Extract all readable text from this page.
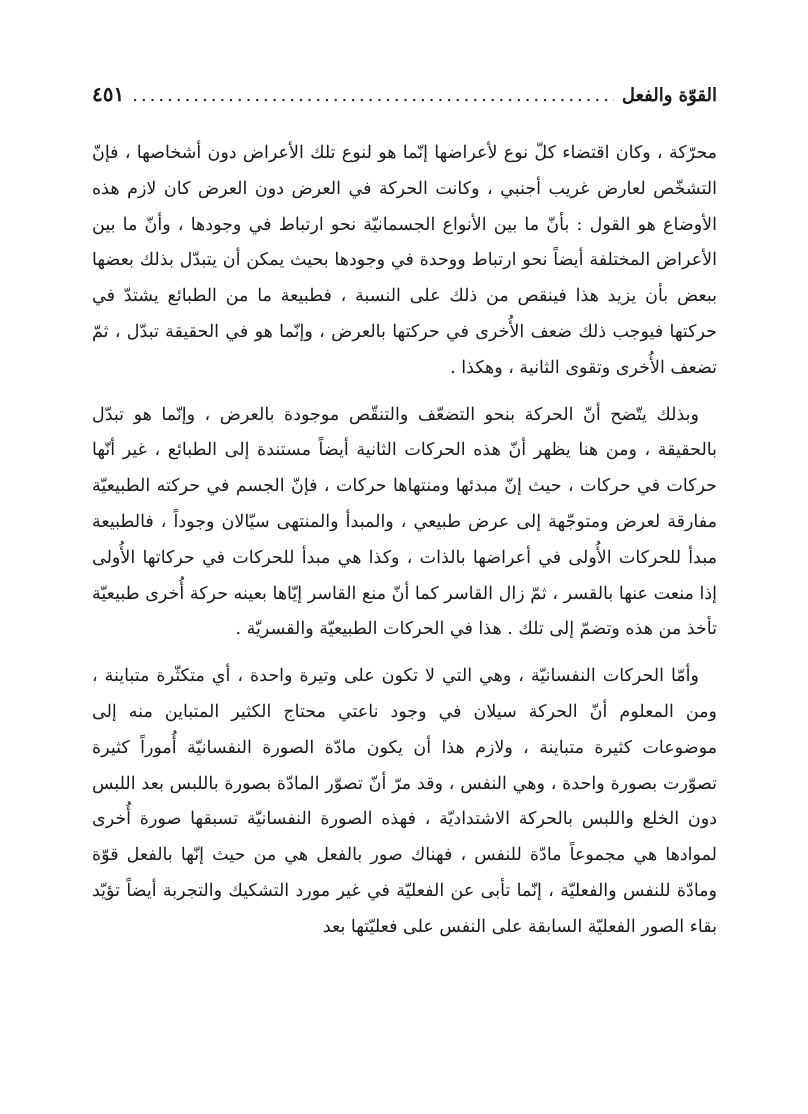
القوّة والفعل
.....
٤٥١

محرّكة ، وكان اقتضاء كلّ نوع لأعراضها إنّما هو لنوع تلك الأعراض دون أشخاصها ، فإنّ التشخّص لعارض غريب أجنبي ، وكانت الحركة في العرض دون العرض كان لازم هذه الأوضاع هو القول : بأنّ ما بين الأنواع الجسمانيّة نحو ارتباط في وجودها ، وأنّ ما بين الأعراض المختلفة أيضاً نحو ارتباط ووحدة في وجودها بحيث يمكن أن يتبدّل بذلك بعضها ببعض بأن يزيد هذا فينقص من ذلك على النسبة ، فطبيعة ما من الطبائع يشتدّ في حركتها فيوجب ذلك ضعف الأُخرى في حركتها بالعرض ، وإنّما هو في الحقيقة تبدّل ، ثمّ تضعف الأُخرى وتقوى الثانية ، وهكذا .

وبذلك يتّضح أنّ الحركة بنحو التضعّف والتنقّص موجودة بالعرض ، وإنّما هو تبدّل بالحقيقة ، ومن هنا يظهر أنّ هذه الحركات الثانية أيضاً مستندة إلى الطبائع ، غير أنّها حركات في حركات ، حيث إنّ مبدئها ومنتهاها حركات ، فإنّ الجسم في حركته الطبيعيّة مفارقة لعرض ومتوجّهة إلى عرض طبيعي ، والمبدأ والمنتهى سيّالان وجوداً ، فالطبيعة مبدأ للحركات الأُولى في أعراضها بالذات ، وكذا هي مبدأ للحركات في حركاتها الأُولى إذا منعت عنها بالقسر ، ثمّ زال القاسر كما أنّ منع القاسر إيّاها بعينه حركة أُخرى طبيعيّة تأخذ من هذه وتضمّ إلى تلك . هذا في الحركات الطبيعيّة والقسريّة .

وأمّا الحركات النفسانيّة ، وهي التي لا تكون على وتيرة واحدة ، أي متكثّرة متباينة ، ومن المعلوم أنّ الحركة سيلان في وجود ناعتي محتاج الكثير المتباين منه إلى موضوعات كثيرة متباينة ، ولازم هذا أن يكون مادّة الصورة النفسانيّة أُموراً كثيرة تصوّرت بصورة واحدة ، وهي النفس ، وقد مرّ أنّ تصوّر المادّة بصورة باللبس بعد اللبس دون الخلع واللبس بالحركة الاشتداديّة ، فهذه الصورة النفسانيّة تسبقها صورة أُخرى لموادها هي مجموعاً مادّة للنفس ، فهناك صور بالفعل هي من حيث إنّها بالفعل قوّة ومادّة للنفس والفعليّة ، إنّما تأبى عن الفعليّة في غير مورد التشكيك والتجربة أيضاً تؤيّد بقاء الصور الفعليّة السابقة على النفس على فعليّتها بعد
